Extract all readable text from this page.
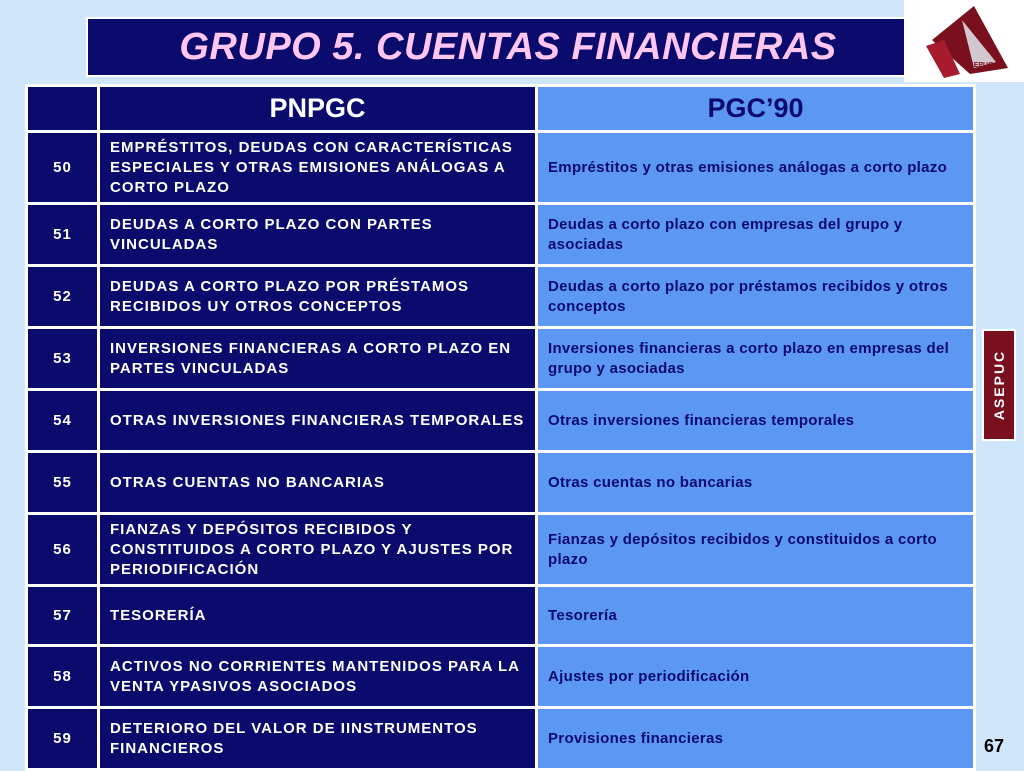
GRUPO 5. CUENTAS FINANCIERAS	ASEPUC
	PNPGC	PGC’90
50	EMPRÉSTITOS, DEUDAS CON CARACTERÍSTICAS ESPECIALES Y OTRAS EMISIONES ANÁLOGAS A CORTO PLAZO	Empréstitos y otras emisiones análogas a corto plazo
51	DEUDAS A CORTO PLAZO CON PARTES VINCULADAS	Deudas a corto plazo con empresas del grupo y asociadas
52	DEUDAS A CORTO PLAZO POR PRÉSTAMOS RECIBIDOS UY OTROS CONCEPTOS	Deudas a corto plazo por préstamos recibidos y otros conceptos
53	INVERSIONES FINANCIERAS A CORTO PLAZO EN PARTES VINCULADAS	Inversiones financieras a corto plazo en empresas del grupo y asociadas
54	OTRAS INVERSIONES FINANCIERAS TEMPORALES	Otras inversiones financieras temporales
55	OTRAS CUENTAS NO BANCARIAS	Otras cuentas no bancarias
56	FIANZAS Y DEPÓSITOS RECIBIDOS Y CONSTITUIDOS A CORTO PLAZO Y AJUSTES POR PERIODIFICACIÓN	Fianzas y depósitos recibidos y constituidos a corto plazo
57	TESORERÍA	Tesorería
58	ACTIVOS NO CORRIENTES MANTENIDOS PARA LA VENTA YPASIVOS ASOCIADOS	Ajustes por periodificación
59	DETERIORO DEL VALOR DE IINSTRUMENTOS FINANCIEROS	Provisiones financieras
ASEPUC
67
